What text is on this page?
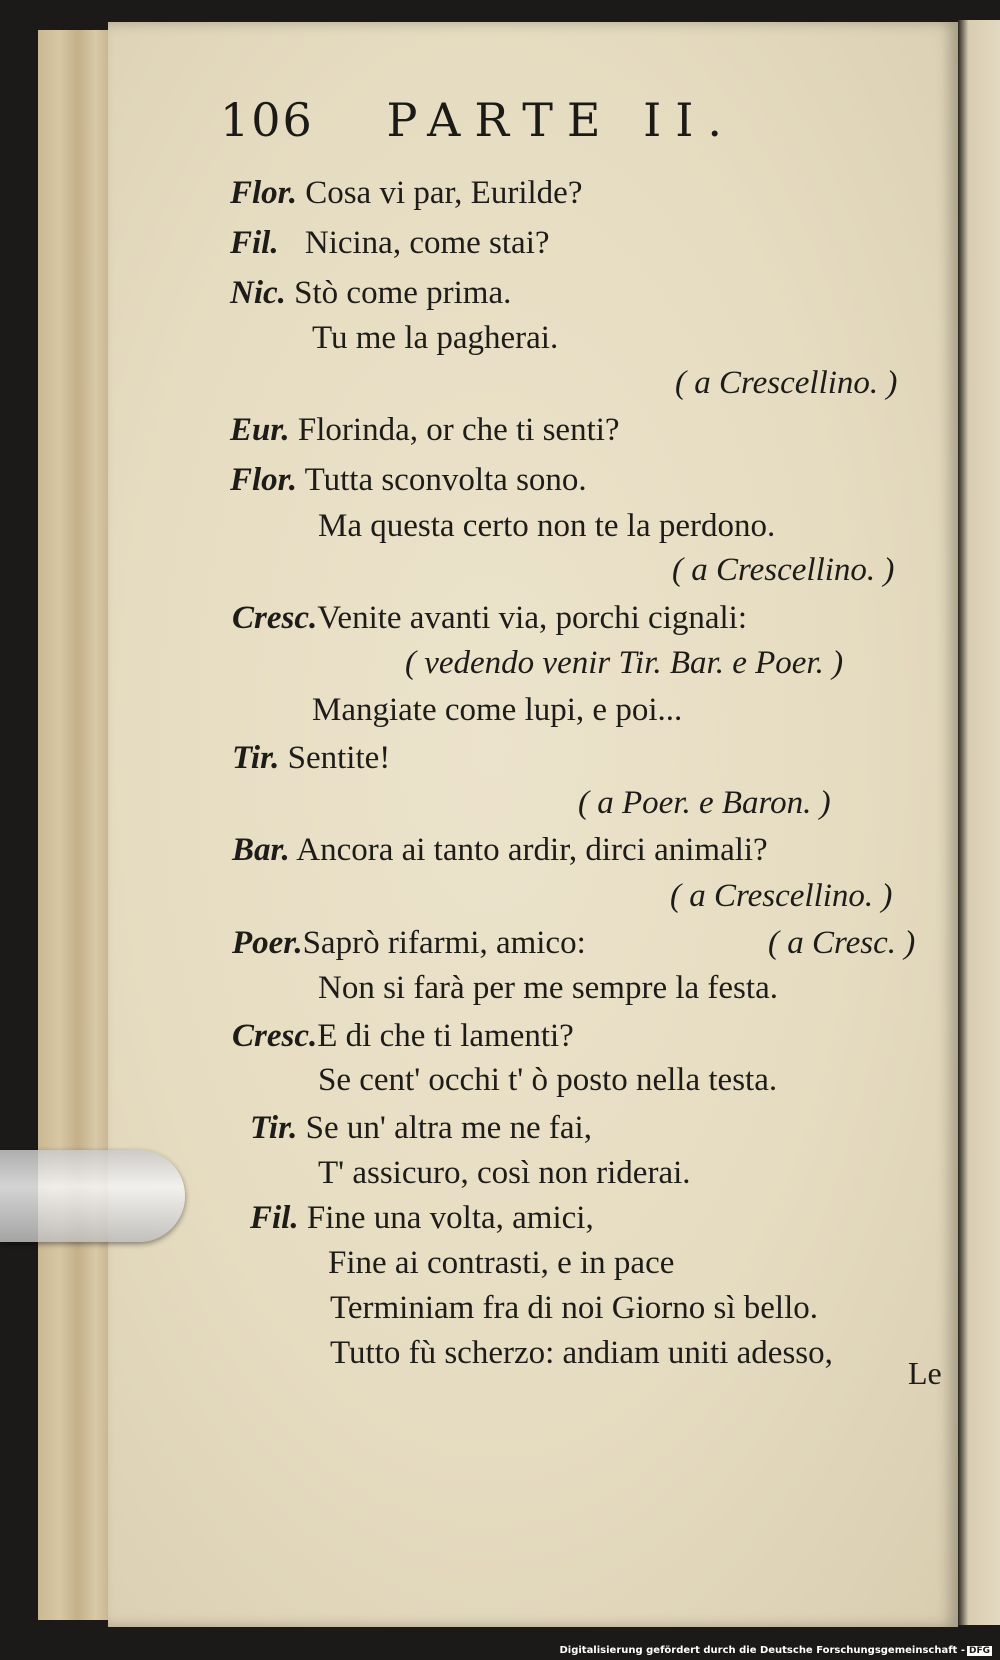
106 PARTE II.
Flor. Cosa vi par, Eurilde?
Fil. Nicina, come stai?
Nic. Stò come prima.
Tu me la pagherai.
( a Crescellino. )
Eur. Florinda, or che ti senti?
Flor. Tutta sconvolta sono.
Ma questa certo non te la perdono.
( a Crescellino. )
Cresc.Venite avanti via, porchi cignali:
( vedendo venir Tir. Bar. e Poer. )
Mangiate come lupi, e poi...
Tir. Sentite!
( a Poer. e Baron. )
Bar. Ancora ai tanto ardir, dirci animali?
( a Crescellino. )
Poer.Saprò rifarmi, amico:	( a Cresc. )
Non si farà per me sempre la festa.
Cresc.E di che ti lamenti?
Se cent' occhi t' ò posto nella testa.
Tir. Se un' altra me ne fai,
T' assicuro, così non riderai.
Fil. Fine una volta, amici,
Fine ai contrasti, e in pace
Terminiam fra di noi Giorno sì bello.
Tutto fù scherzo: andiam uniti adesso,
Le
Digitalisierung gefördert durch die Deutsche Forschungsgemeinschaft - DFG
